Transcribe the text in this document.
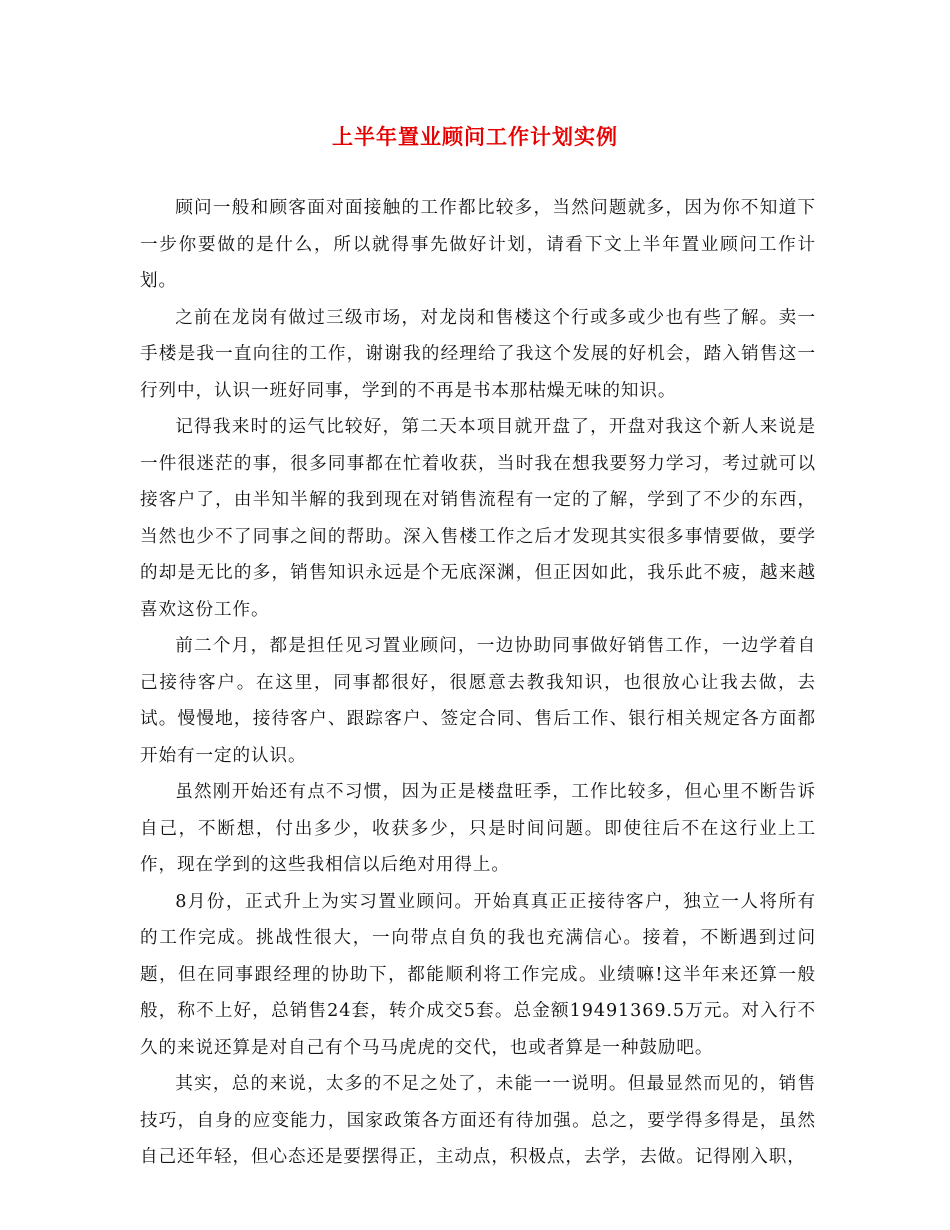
上半年置业顾问工作计划实例

顾问一般和顾客面对面接触的工作都比较多，当然问题就多，因为你不知道下一步你要做的是什么，所以就得事先做好计划，请看下文上半年置业顾问工作计划。

之前在龙岗有做过三级市场，对龙岗和售楼这个行或多或少也有些了解。卖一手楼是我一直向往的工作，谢谢我的经理给了我这个发展的好机会，踏入销售这一行列中，认识一班好同事，学到的不再是书本那枯燥无味的知识。

记得我来时的运气比较好，第二天本项目就开盘了，开盘对我这个新人来说是一件很迷茫的事，很多同事都在忙着收获，当时我在想我要努力学习，考过就可以接客户了，由半知半解的我到现在对销售流程有一定的了解，学到了不少的东西，当然也少不了同事之间的帮助。深入售楼工作之后才发现其实很多事情要做，要学的却是无比的多，销售知识永远是个无底深渊，但正因如此，我乐此不疲，越来越喜欢这份工作。

前二个月，都是担任见习置业顾问，一边协助同事做好销售工作，一边学着自己接待客户。在这里，同事都很好，很愿意去教我知识，也很放心让我去做，去试。慢慢地，接待客户、跟踪客户、签定合同、售后工作、银行相关规定各方面都开始有一定的认识。

虽然刚开始还有点不习惯，因为正是楼盘旺季，工作比较多，但心里不断告诉自己，不断想，付出多少，收获多少，只是时间问题。即使往后不在这行业上工作，现在学到的这些我相信以后绝对用得上。

8月份，正式升上为实习置业顾问。开始真真正正接待客户，独立一人将所有的工作完成。挑战性很大，一向带点自负的我也充满信心。接着，不断遇到过问题，但在同事跟经理的协助下，都能顺利将工作完成。业绩嘛!这半年来还算一般般，称不上好，总销售24套，转介成交5套。总金额19491369.5万元。对入行不久的来说还算是对自己有个马马虎虎的交代，也或者算是一种鼓励吧。

其实，总的来说，太多的不足之处了，未能一一说明。但最显然而见的，销售技巧，自身的应变能力，国家政策各方面还有待加强。总之，要学得多得是，虽然自己还年轻，但心态还是要摆得正，主动点，积极点，去学，去做。记得刚入职，
